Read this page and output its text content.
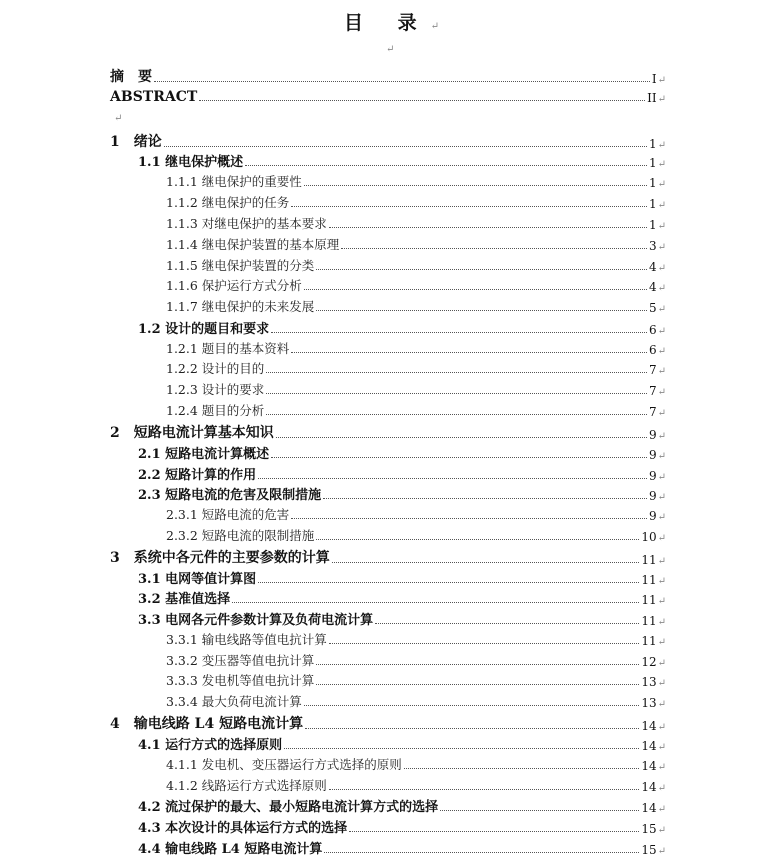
目 录↵
↵
↵
摘　要	I ↵
ABSTRACT	II ↵
1　绪论	1 ↵
1.1 继电保护概述	1 ↵
1.1.1 继电保护的重要性	1 ↵
1.1.2 继电保护的任务	1 ↵
1.1.3 对继电保护的基本要求	1 ↵
1.1.4 继电保护装置的基本原理	3 ↵
1.1.5 继电保护装置的分类	4 ↵
1.1.6 保护运行方式分析	4 ↵
1.1.7 继电保护的未来发展	5 ↵
1.2 设计的题目和要求	6 ↵
1.2.1 题目的基本资料	6 ↵
1.2.2 设计的目的	7 ↵
1.2.3 设计的要求	7 ↵
1.2.4 题目的分析	7 ↵
2　短路电流计算基本知识	9 ↵
2.1 短路电流计算概述	9 ↵
2.2 短路计算的作用	9 ↵
2.3 短路电流的危害及限制措施	9 ↵
2.3.1 短路电流的危害	9 ↵
2.3.2 短路电流的限制措施	10 ↵
3　系统中各元件的主要参数的计算	11 ↵
3.1 电网等值计算图	11 ↵
3.2 基准值选择	11 ↵
3.3 电网各元件参数计算及负荷电流计算	11 ↵
3.3.1 输电线路等值电抗计算	11 ↵
3.3.2 变压器等值电抗计算	12 ↵
3.3.3 发电机等值电抗计算	13 ↵
3.3.4 最大负荷电流计算	13 ↵
4　输电线路 L4 短路电流计算	14 ↵
4.1 运行方式的选择原则	14 ↵
4.1.1 发电机、变压器运行方式选择的原则	14 ↵
4.1.2 线路运行方式选择原则	14 ↵
4.2 流过保护的最大、最小短路电流计算方式的选择	14 ↵
4.3 本次设计的具体运行方式的选择	15 ↵
4.4 输电线路 L4 短路电流计算	15 ↵
